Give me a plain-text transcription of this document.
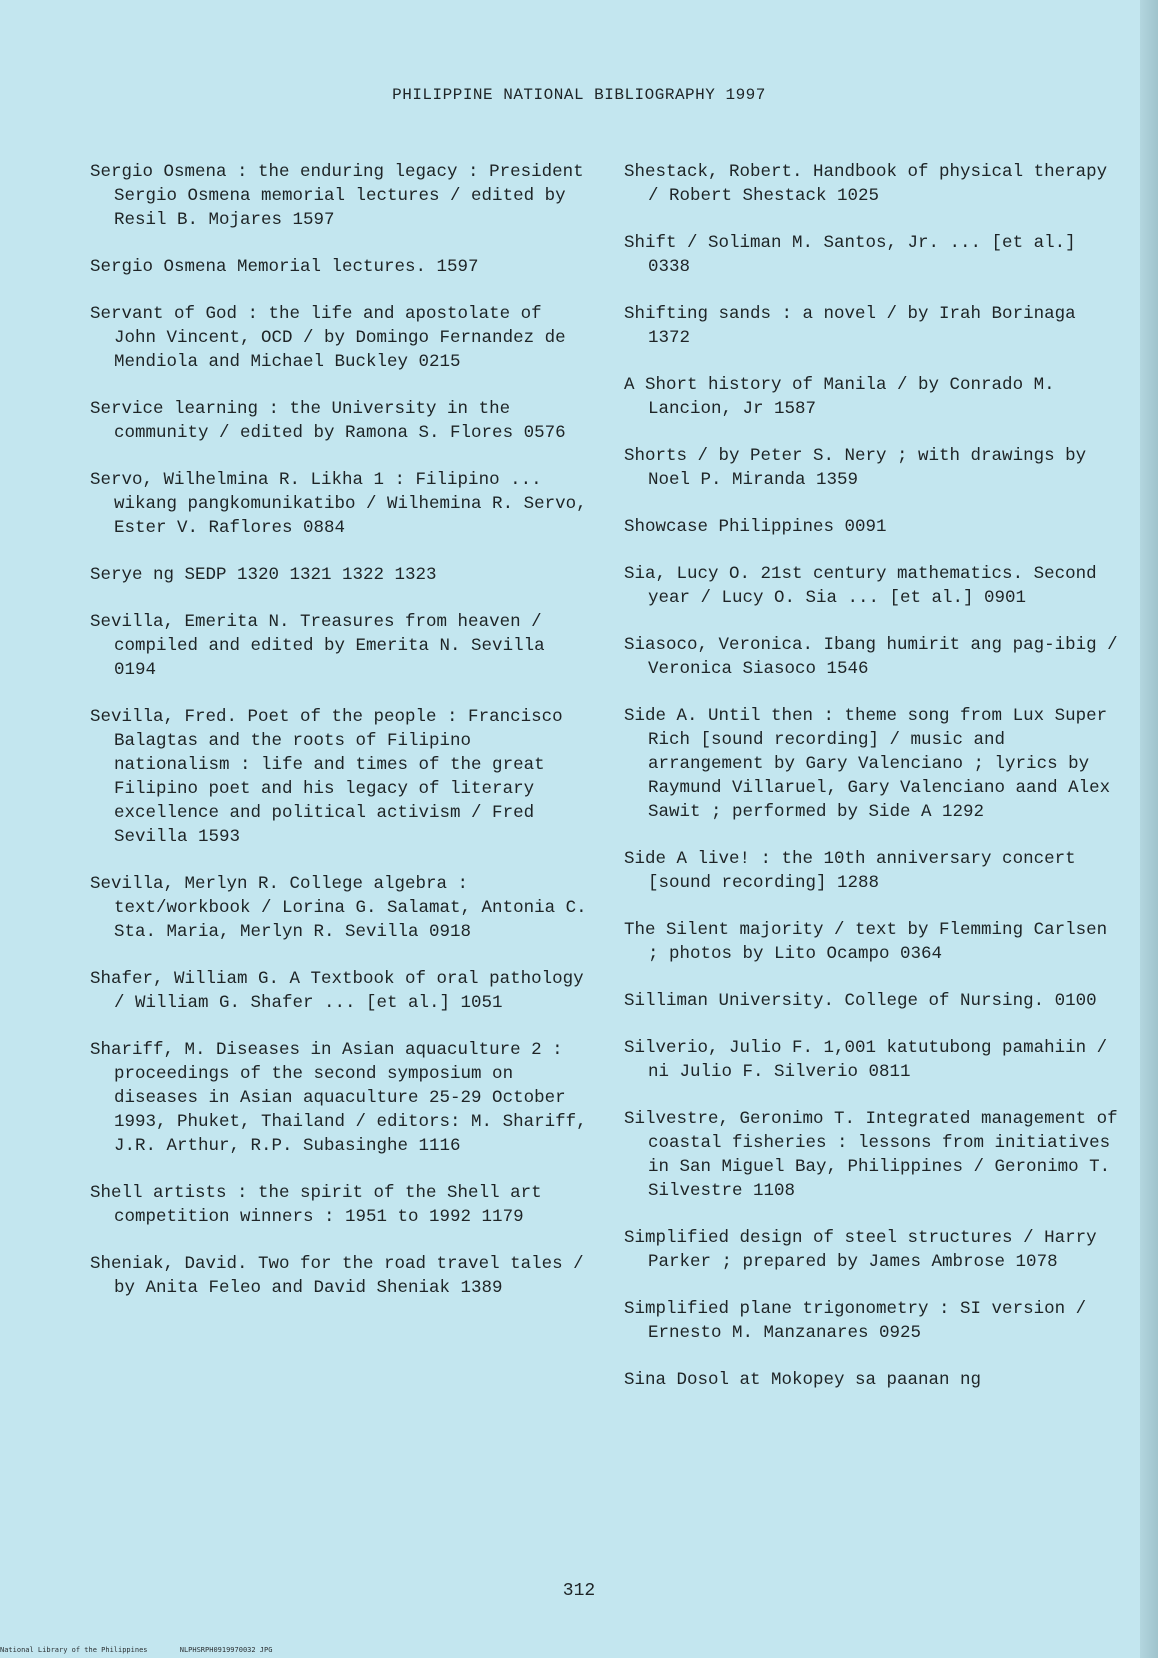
PHILIPPINE NATIONAL BIBLIOGRAPHY 1997

Sergio Osmena : the enduring legacy : President Sergio Osmena memorial lectures / edited by Resil B. Mojares 1597

Sergio Osmena Memorial lectures. 1597

Servant of God : the life and apostolate of John Vincent, OCD / by Domingo Fernandez de Mendiola and Michael Buckley 0215

Service learning : the University in the community / edited by Ramona S. Flores 0576

Servo, Wilhelmina R. Likha 1 : Filipino ... wikang pangkomunikatibo / Wilhemina R. Servo, Ester V. Raflores 0884

Serye ng SEDP 1320 1321 1322 1323

Sevilla, Emerita N. Treasures from heaven / compiled and edited by Emerita N. Sevilla 0194

Sevilla, Fred. Poet of the people : Francisco Balagtas and the roots of Filipino nationalism : life and times of the great Filipino poet and his legacy of literary excellence and political activism / Fred Sevilla 1593

Sevilla, Merlyn R. College algebra : text/workbook / Lorina G. Salamat, Antonia C. Sta. Maria, Merlyn R. Sevilla 0918

Shafer, William G. A Textbook of oral pathology / William G. Shafer ... [et al.] 1051

Shariff, M. Diseases in Asian aquaculture 2 : proceedings of the second symposium on diseases in Asian aquaculture 25-29 October 1993, Phuket, Thailand / editors: M. Shariff, J.R. Arthur, R.P. Subasinghe 1116

Shell artists : the spirit of the Shell art competition winners : 1951 to 1992 1179

Sheniak, David. Two for the road travel tales / by Anita Feleo and David Sheniak 1389

Shestack, Robert. Handbook of physical therapy / Robert Shestack 1025

Shift / Soliman M. Santos, Jr. ... [et al.] 0338

Shifting sands : a novel / by Irah Borinaga 1372

A Short history of Manila / by Conrado M. Lancion, Jr 1587

Shorts / by Peter S. Nery ; with drawings by Noel P. Miranda 1359

Showcase Philippines 0091

Sia, Lucy O. 21st century mathematics. Second year / Lucy O. Sia ... [et al.] 0901

Siasoco, Veronica. Ibang humirit ang pag-ibig / Veronica Siasoco 1546

Side A. Until then : theme song from Lux Super Rich [sound recording] / music and arrangement by Gary Valenciano ; lyrics by Raymund Villaruel, Gary Valenciano aand Alex Sawit ; performed by Side A 1292

Side A live! : the 10th anniversary concert [sound recording] 1288

The Silent majority / text by Flemming Carlsen ; photos by Lito Ocampo 0364

Silliman University. College of Nursing. 0100

Silverio, Julio F. 1,001 katutubong pamahiin / ni Julio F. Silverio 0811

Silvestre, Geronimo T. Integrated management of coastal fisheries : lessons from initiatives in San Miguel Bay, Philippines / Geronimo T. Silvestre 1108

Simplified design of steel structures / Harry Parker ; prepared by James Ambrose 1078

Simplified plane trigonometry : SI version / Ernesto M. Manzanares 0925

Sina Dosol at Mokopey sa paanan ng

312
National Library of the Philippines	NLPHSRPH0919970032 JPG
